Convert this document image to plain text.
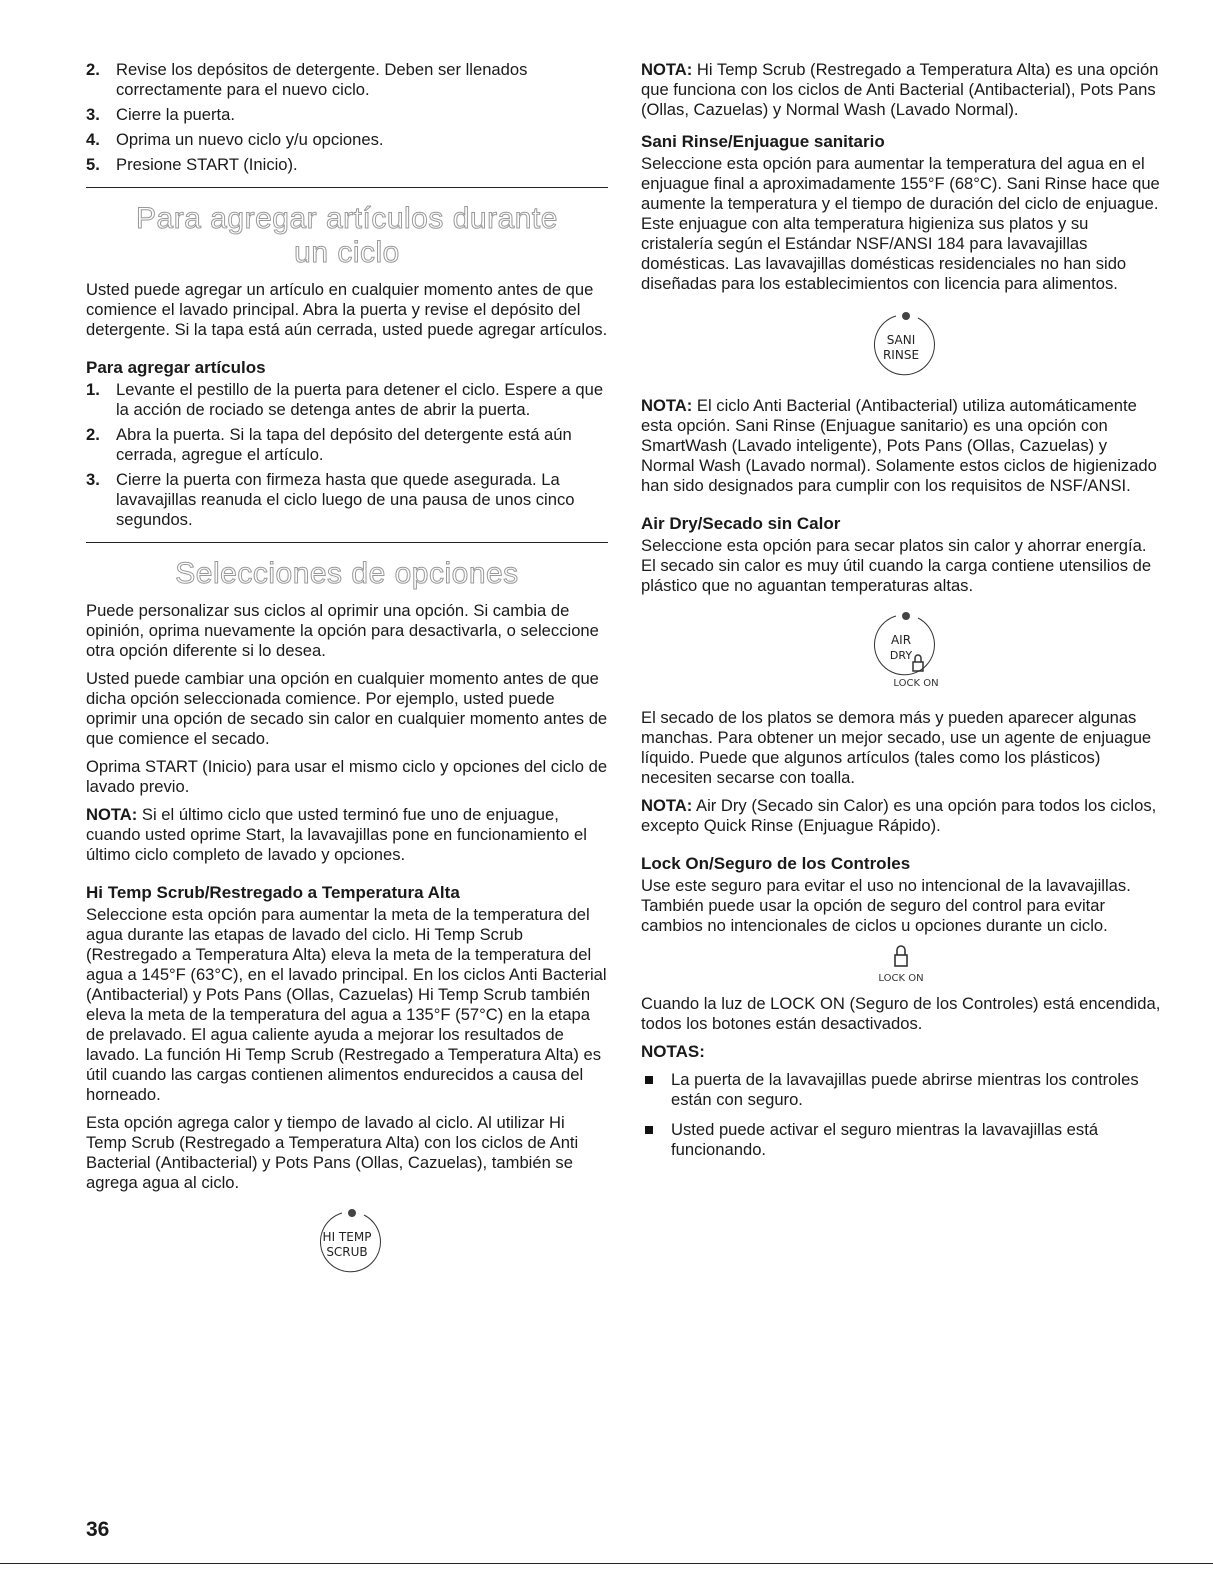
2. Revise los depósitos de detergente. Deben ser llenados correctamente para el nuevo ciclo.
3. Cierre la puerta.
4. Oprima un nuevo ciclo y/u opciones.
5. Presione START (Inicio).
Para agregar artículos durante
un ciclo

Usted puede agregar un artículo en cualquier momento antes de que comience el lavado principal. Abra la puerta y revise el depósito del detergente. Si la tapa está aún cerrada, usted puede agregar artículos.

Para agregar artículos
1. Levante el pestillo de la puerta para detener el ciclo. Espere a que la acción de rociado se detenga antes de abrir la puerta.
2. Abra la puerta. Si la tapa del depósito del detergente está aún cerrada, agregue el artículo.
3. Cierre la puerta con firmeza hasta que quede asegurada. La lavavajillas reanuda el ciclo luego de una pausa de unos cinco segundos.
Selecciones de opciones

Puede personalizar sus ciclos al oprimir una opción. Si cambia de opinión, oprima nuevamente la opción para desactivarla, o seleccione otra opción diferente si lo desea.

Usted puede cambiar una opción en cualquier momento antes de que dicha opción seleccionada comience. Por ejemplo, usted puede oprimir una opción de secado sin calor en cualquier momento antes de que comience el secado.

Oprima START (Inicio) para usar el mismo ciclo y opciones del ciclo de lavado previo.

NOTA: Si el último ciclo que usted terminó fue uno de enjuague, cuando usted oprime Start, la lavavajillas pone en funcionamiento el último ciclo completo de lavado y opciones.

Hi Temp Scrub/Restregado a Temperatura Alta

Seleccione esta opción para aumentar la meta de la temperatura del agua durante las etapas de lavado del ciclo. Hi Temp Scrub (Restregado a Temperatura Alta) eleva la meta de la temperatura del agua a 145°F (63°C), en el lavado principal. En los ciclos Anti Bacterial (Antibacterial) y Pots Pans (Ollas, Cazuelas) Hi Temp Scrub también eleva la meta de la temperatura del agua a 135°F (57°C) en la etapa de prelavado. El agua caliente ayuda a mejorar los resultados de lavado. La función Hi Temp Scrub (Restregado a Temperatura Alta) es útil cuando las cargas contienen alimentos endurecidos a causa del horneado.

Esta opción agrega calor y tiempo de lavado al ciclo. Al utilizar Hi Temp Scrub (Restregado a Temperatura Alta) con los ciclos de Anti Bacterial (Antibacterial) y Pots Pans (Ollas, Cazuelas), también se agrega agua al ciclo.

HI TEMP
SCRUB

NOTA: Hi Temp Scrub (Restregado a Temperatura Alta) es una opción que funciona con los ciclos de Anti Bacterial (Antibacterial), Pots Pans (Ollas, Cazuelas) y Normal Wash (Lavado Normal).

Sani Rinse/Enjuague sanitario

Seleccione esta opción para aumentar la temperatura del agua en el enjuague final a aproximadamente 155°F (68°C). Sani Rinse hace que aumente la temperatura y el tiempo de duración del ciclo de enjuague. Este enjuague con alta temperatura higieniza sus platos y su cristalería según el Estándar NSF/ANSI 184 para lavavajillas domésticas. Las lavavajillas domésticas residenciales no han sido diseñadas para los establecimientos con licencia para alimentos.

SANI
RINSE

NOTA: El ciclo Anti Bacterial (Antibacterial) utiliza automáticamente esta opción. Sani Rinse (Enjuague sanitario) es una opción con SmartWash (Lavado inteligente), Pots Pans (Ollas, Cazuelas) y Normal Wash (Lavado normal). Solamente estos ciclos de higienizado han sido designados para cumplir con los requisitos de NSF/ANSI.

Air Dry/Secado sin Calor

Seleccione esta opción para secar platos sin calor y ahorrar energía. El secado sin calor es muy útil cuando la carga contiene utensilios de plástico que no aguantan temperaturas altas.

AIR
DRY
LOCK ON

El secado de los platos se demora más y pueden aparecer algunas manchas. Para obtener un mejor secado, use un agente de enjuague líquido. Puede que algunos artículos (tales como los plásticos) necesiten secarse con toalla.

NOTA: Air Dry (Secado sin Calor) es una opción para todos los ciclos, excepto Quick Rinse (Enjuague Rápido).

Lock On/Seguro de los Controles

Use este seguro para evitar el uso no intencional de la lavavajillas. También puede usar la opción de seguro del control para evitar cambios no intencionales de ciclos u opciones durante un ciclo.

LOCK ON

Cuando la luz de LOCK ON (Seguro de los Controles) está encendida, todos los botones están desactivados.

NOTAS:

La puerta de la lavavajillas puede abrirse mientras los controles están con seguro.
Usted puede activar el seguro mientras la lavavajillas está funcionando.
36
